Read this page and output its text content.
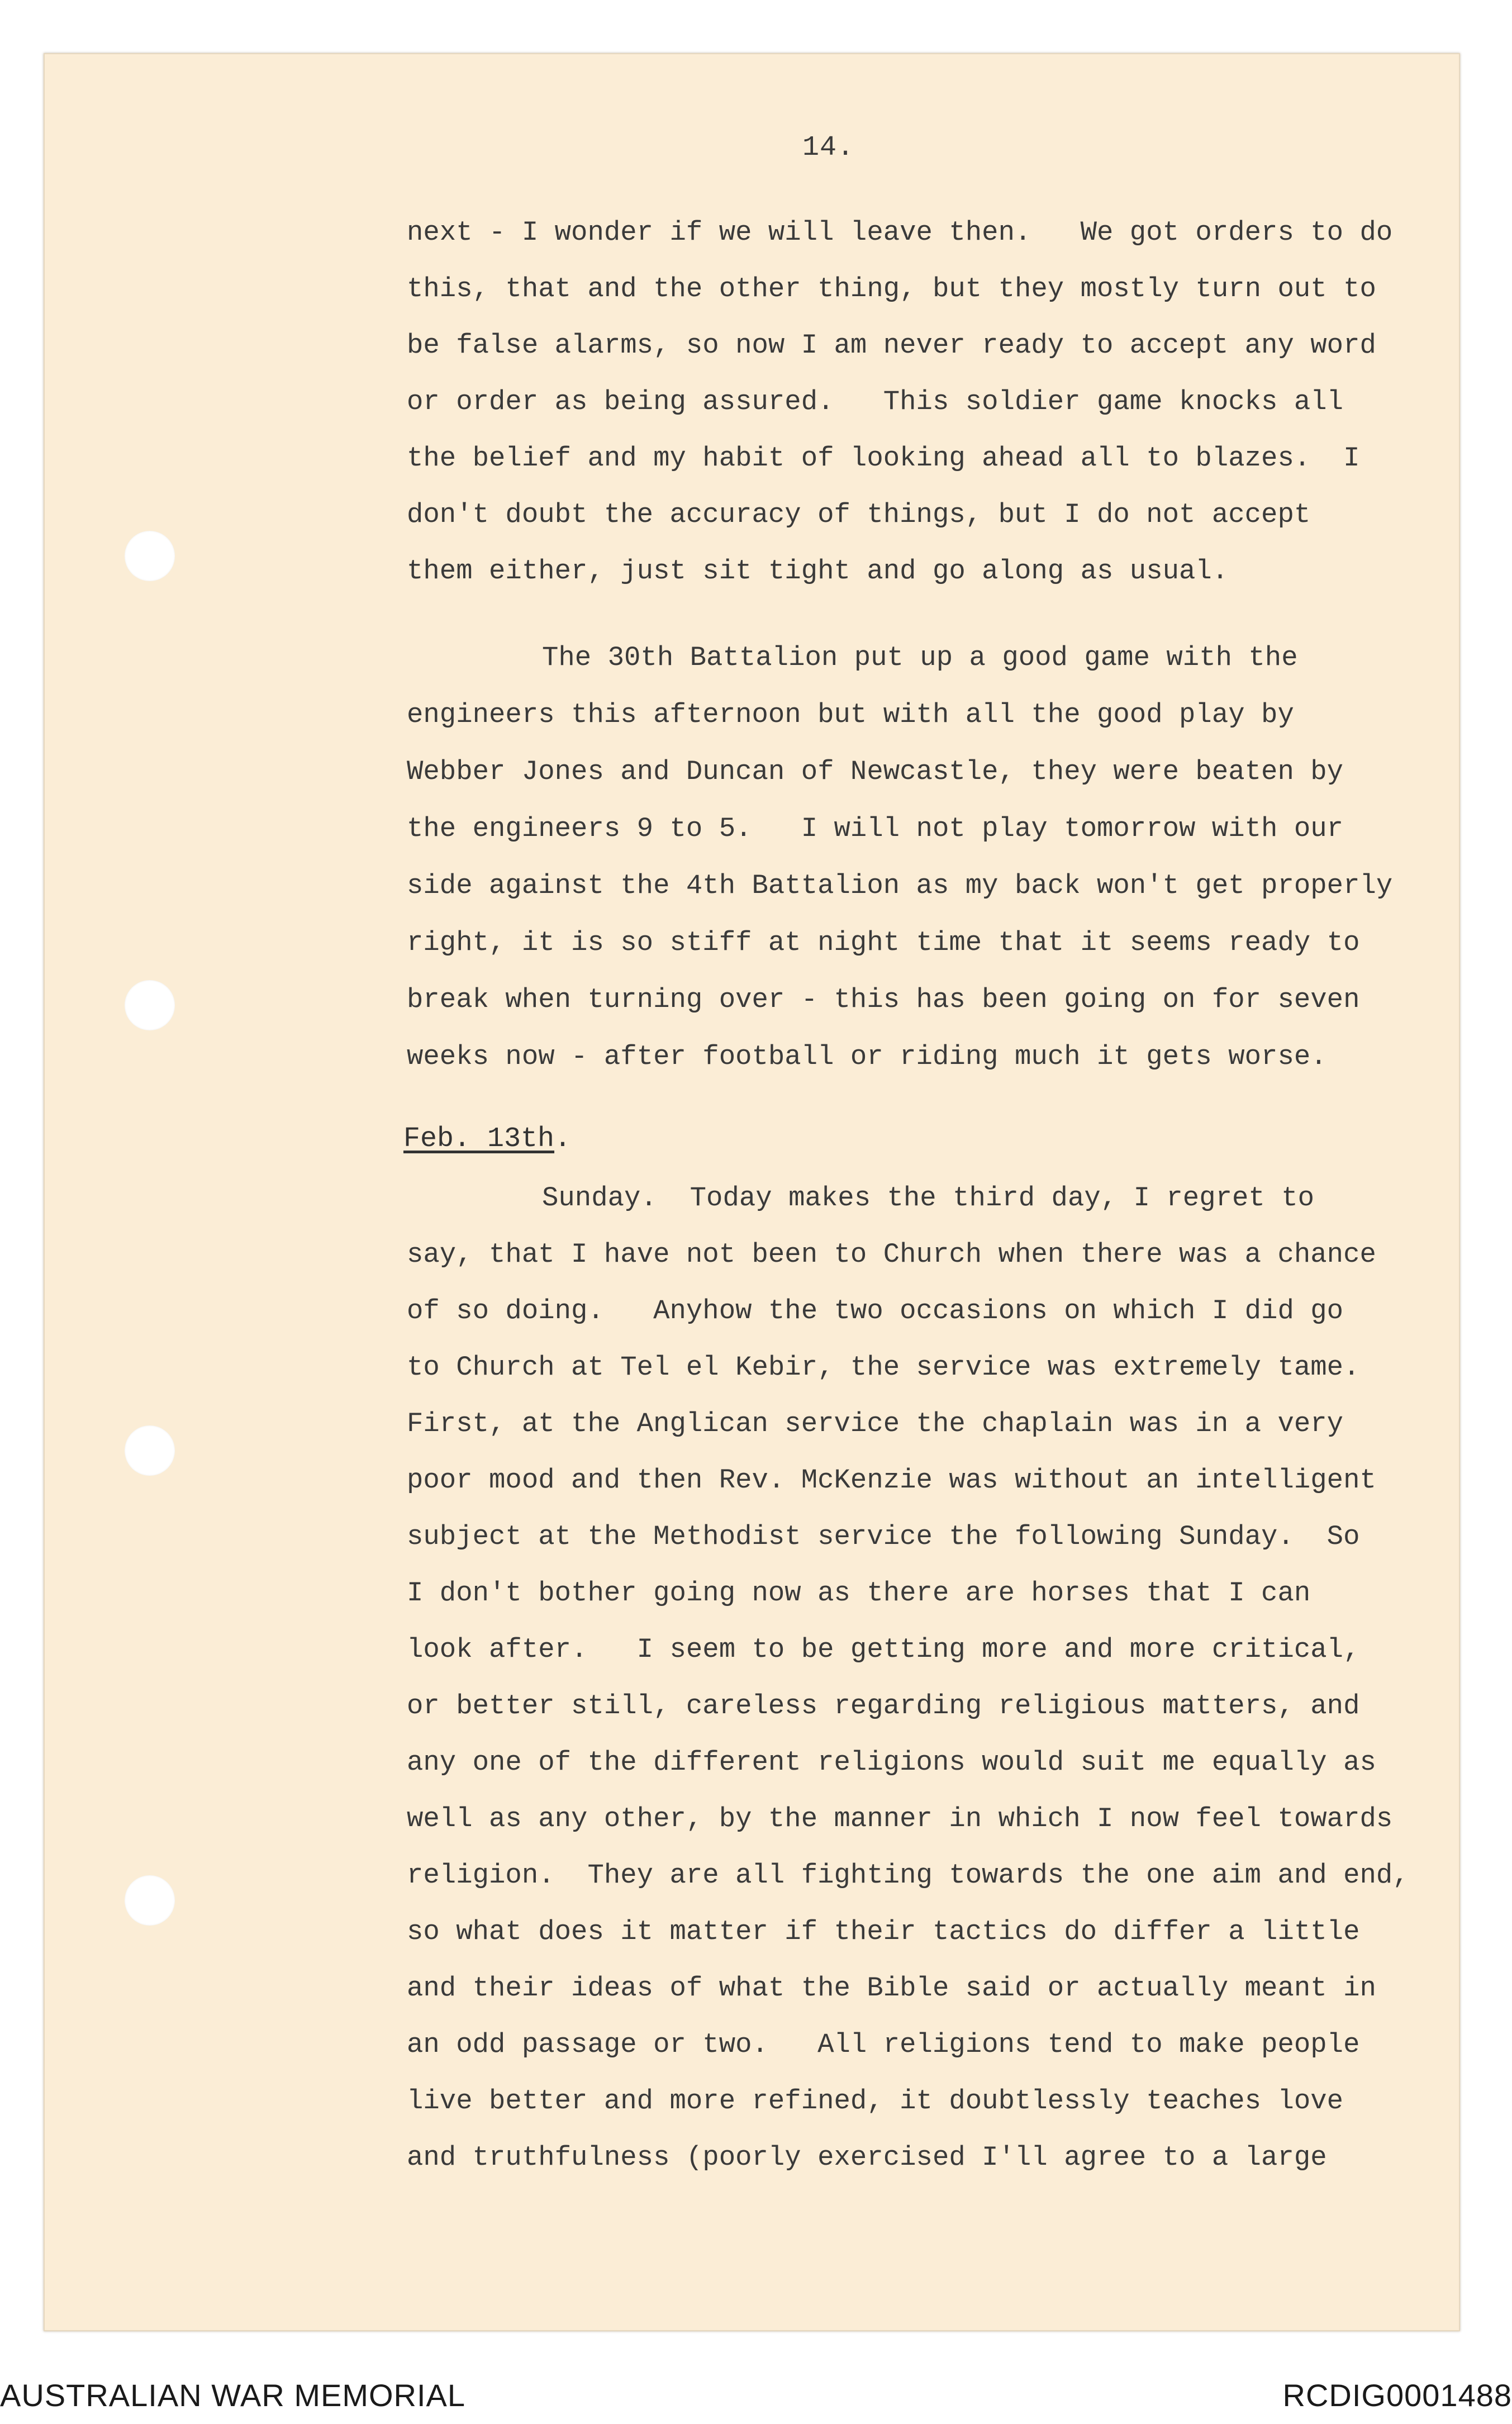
14.
next - I wonder if we will leave then.   We got orders to do
this, that and the other thing, but they mostly turn out to
be false alarms, so now I am never ready to accept any word
or order as being assured.   This soldier game knocks all
the belief and my habit of looking ahead all to blazes.  I
don't doubt the accuracy of things, but I do not accept
them either, just sit tight and go along as usual.
The 30th Battalion put up a good game with the
engineers this afternoon but with all the good play by
Webber Jones and Duncan of Newcastle, they were beaten by
the engineers 9 to 5.   I will not play tomorrow with our
side against the 4th Battalion as my back won't get properly
right, it is so stiff at night time that it seems ready to
break when turning over - this has been going on for seven
weeks now - after football or riding much it gets worse.
Feb. 13th.
Sunday.  Today makes the third day, I regret to
say, that I have not been to Church when there was a chance
of so doing.   Anyhow the two occasions on which I did go
to Church at Tel el Kebir, the service was extremely tame.
First, at the Anglican service the chaplain was in a very
poor mood and then Rev. McKenzie was without an intelligent
subject at the Methodist service the following Sunday.  So
I don't bother going now as there are horses that I can
look after.   I seem to be getting more and more critical,
or better still, careless regarding religious matters, and
any one of the different religions would suit me equally as
well as any other, by the manner in which I now feel towards
religion.  They are all fighting towards the one aim and end,
so what does it matter if their tactics do differ a little
and their ideas of what the Bible said or actually meant in
an odd passage or two.   All religions tend to make people
live better and more refined, it doubtlessly teaches love
and truthfulness (poorly exercised I'll agree to a large
AUSTRALIAN WAR MEMORIAL	RCDIG0001488
